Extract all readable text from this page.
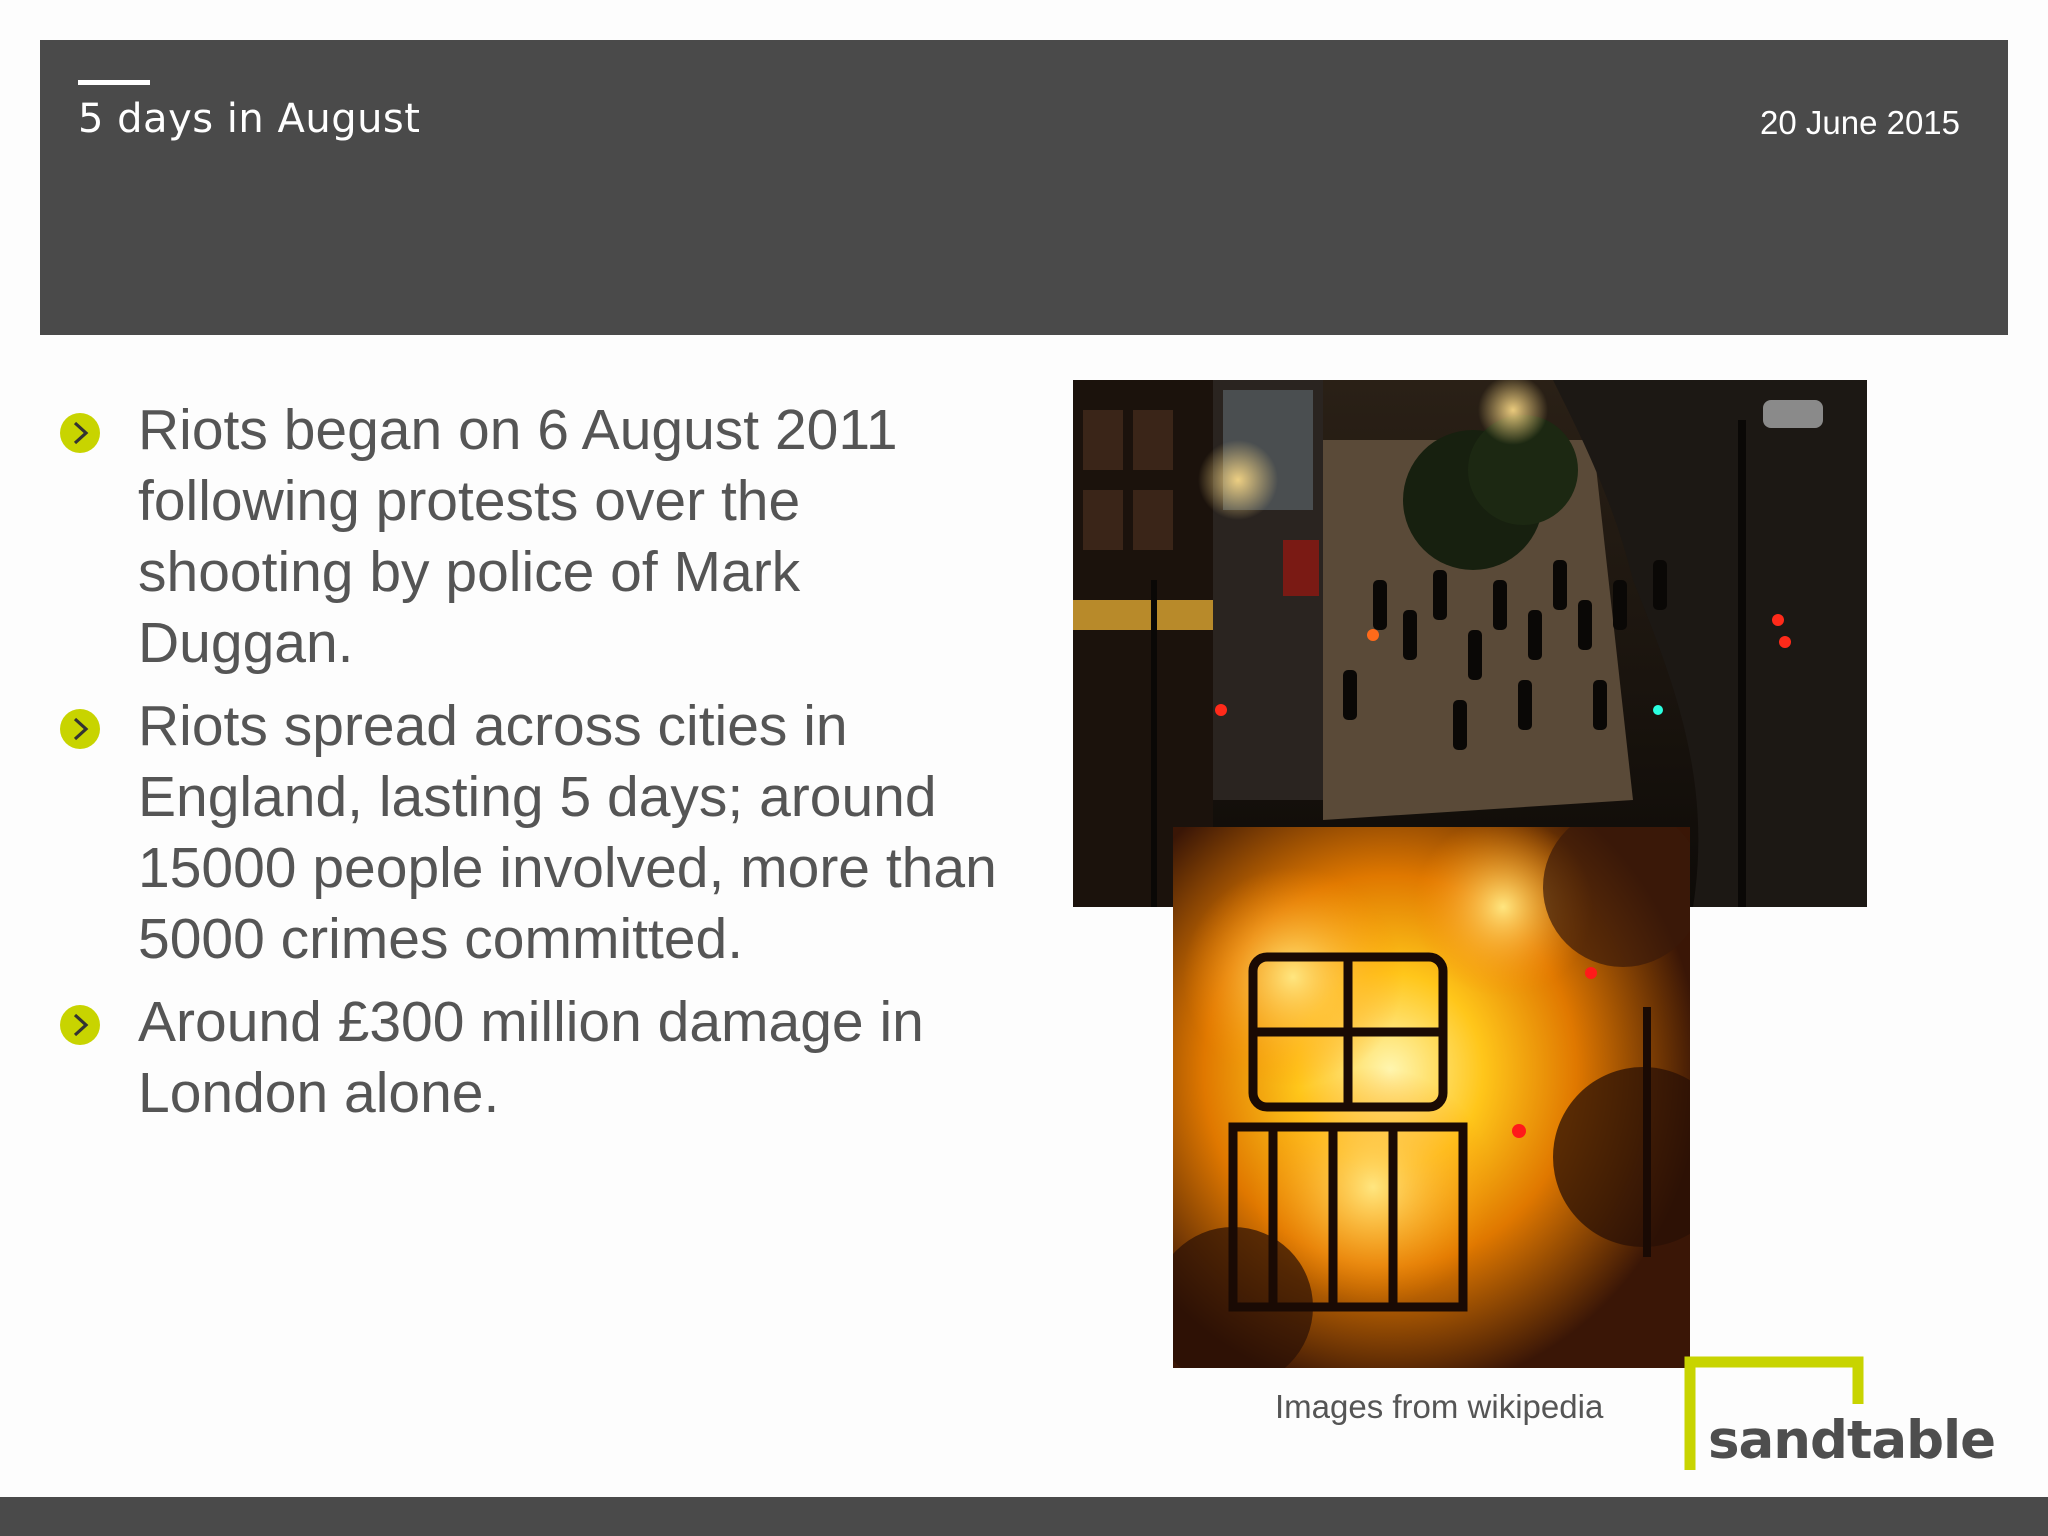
5 days in August	20 June 2015
Riots began on 6 August 2011 following protests over the shooting by police of Mark Duggan.
Riots spread across cities in England, lasting 5 days; around 15000 people involved, more than 5000 crimes committed.
Around £300 million damage in London alone.
Images from wikipedia
sandtable
